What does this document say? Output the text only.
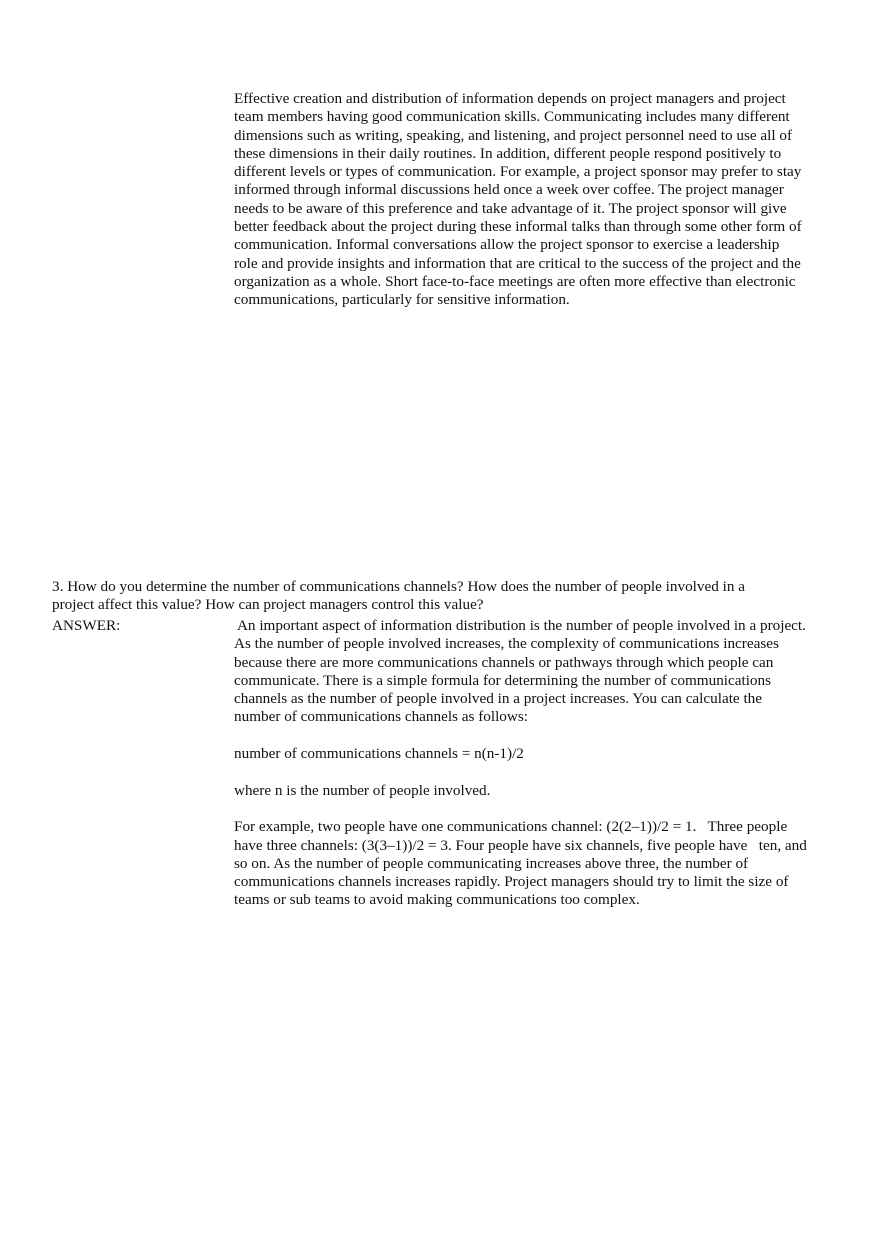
Effective creation and distribution of information depends on project managers and project
team members having good communication skills. Communicating includes many different
dimensions such as writing, speaking, and listening, and project personnel need to use all of
these dimensions in their daily routines. In addition, different people respond positively to
different levels or types of communication. For example, a project sponsor may prefer to stay
informed through informal discussions held once a week over coffee. The project manager
needs to be aware of this preference and take advantage of it. The project sponsor will give
better feedback about the project during these informal talks than through some other form of
communication. Informal conversations allow the project sponsor to exercise a leadership
role and provide insights and information that are critical to the success of the project and the
organization as a whole. Short face-to-face meetings are often more effective than electronic
communications, particularly for sensitive information.
3. How do you determine the number of communications channels? How does the number of people involved in a
project affect this value? How can project managers control this value?
ANSWER:	An important aspect of information distribution is the number of people involved in a project.
As the number of people involved increases, the complexity of communications increases
because there are more communications channels or pathways through which people can
communicate. There is a simple formula for determining the number of communications
channels as the number of people involved in a project increases. You can calculate the
number of communications channels as follows:
number of communications channels = n(n-1)/2
where n is the number of people involved.
For example, two people have one communications channel: (2(2–1))/2 = 1.   Three people
have three channels: (3(3–1))/2 = 3. Four people have six channels, five people have   ten, and
so on. As the number of people communicating increases above three, the number of
communications channels increases rapidly. Project managers should try to limit the size of
teams or sub teams to avoid making communications too complex.
